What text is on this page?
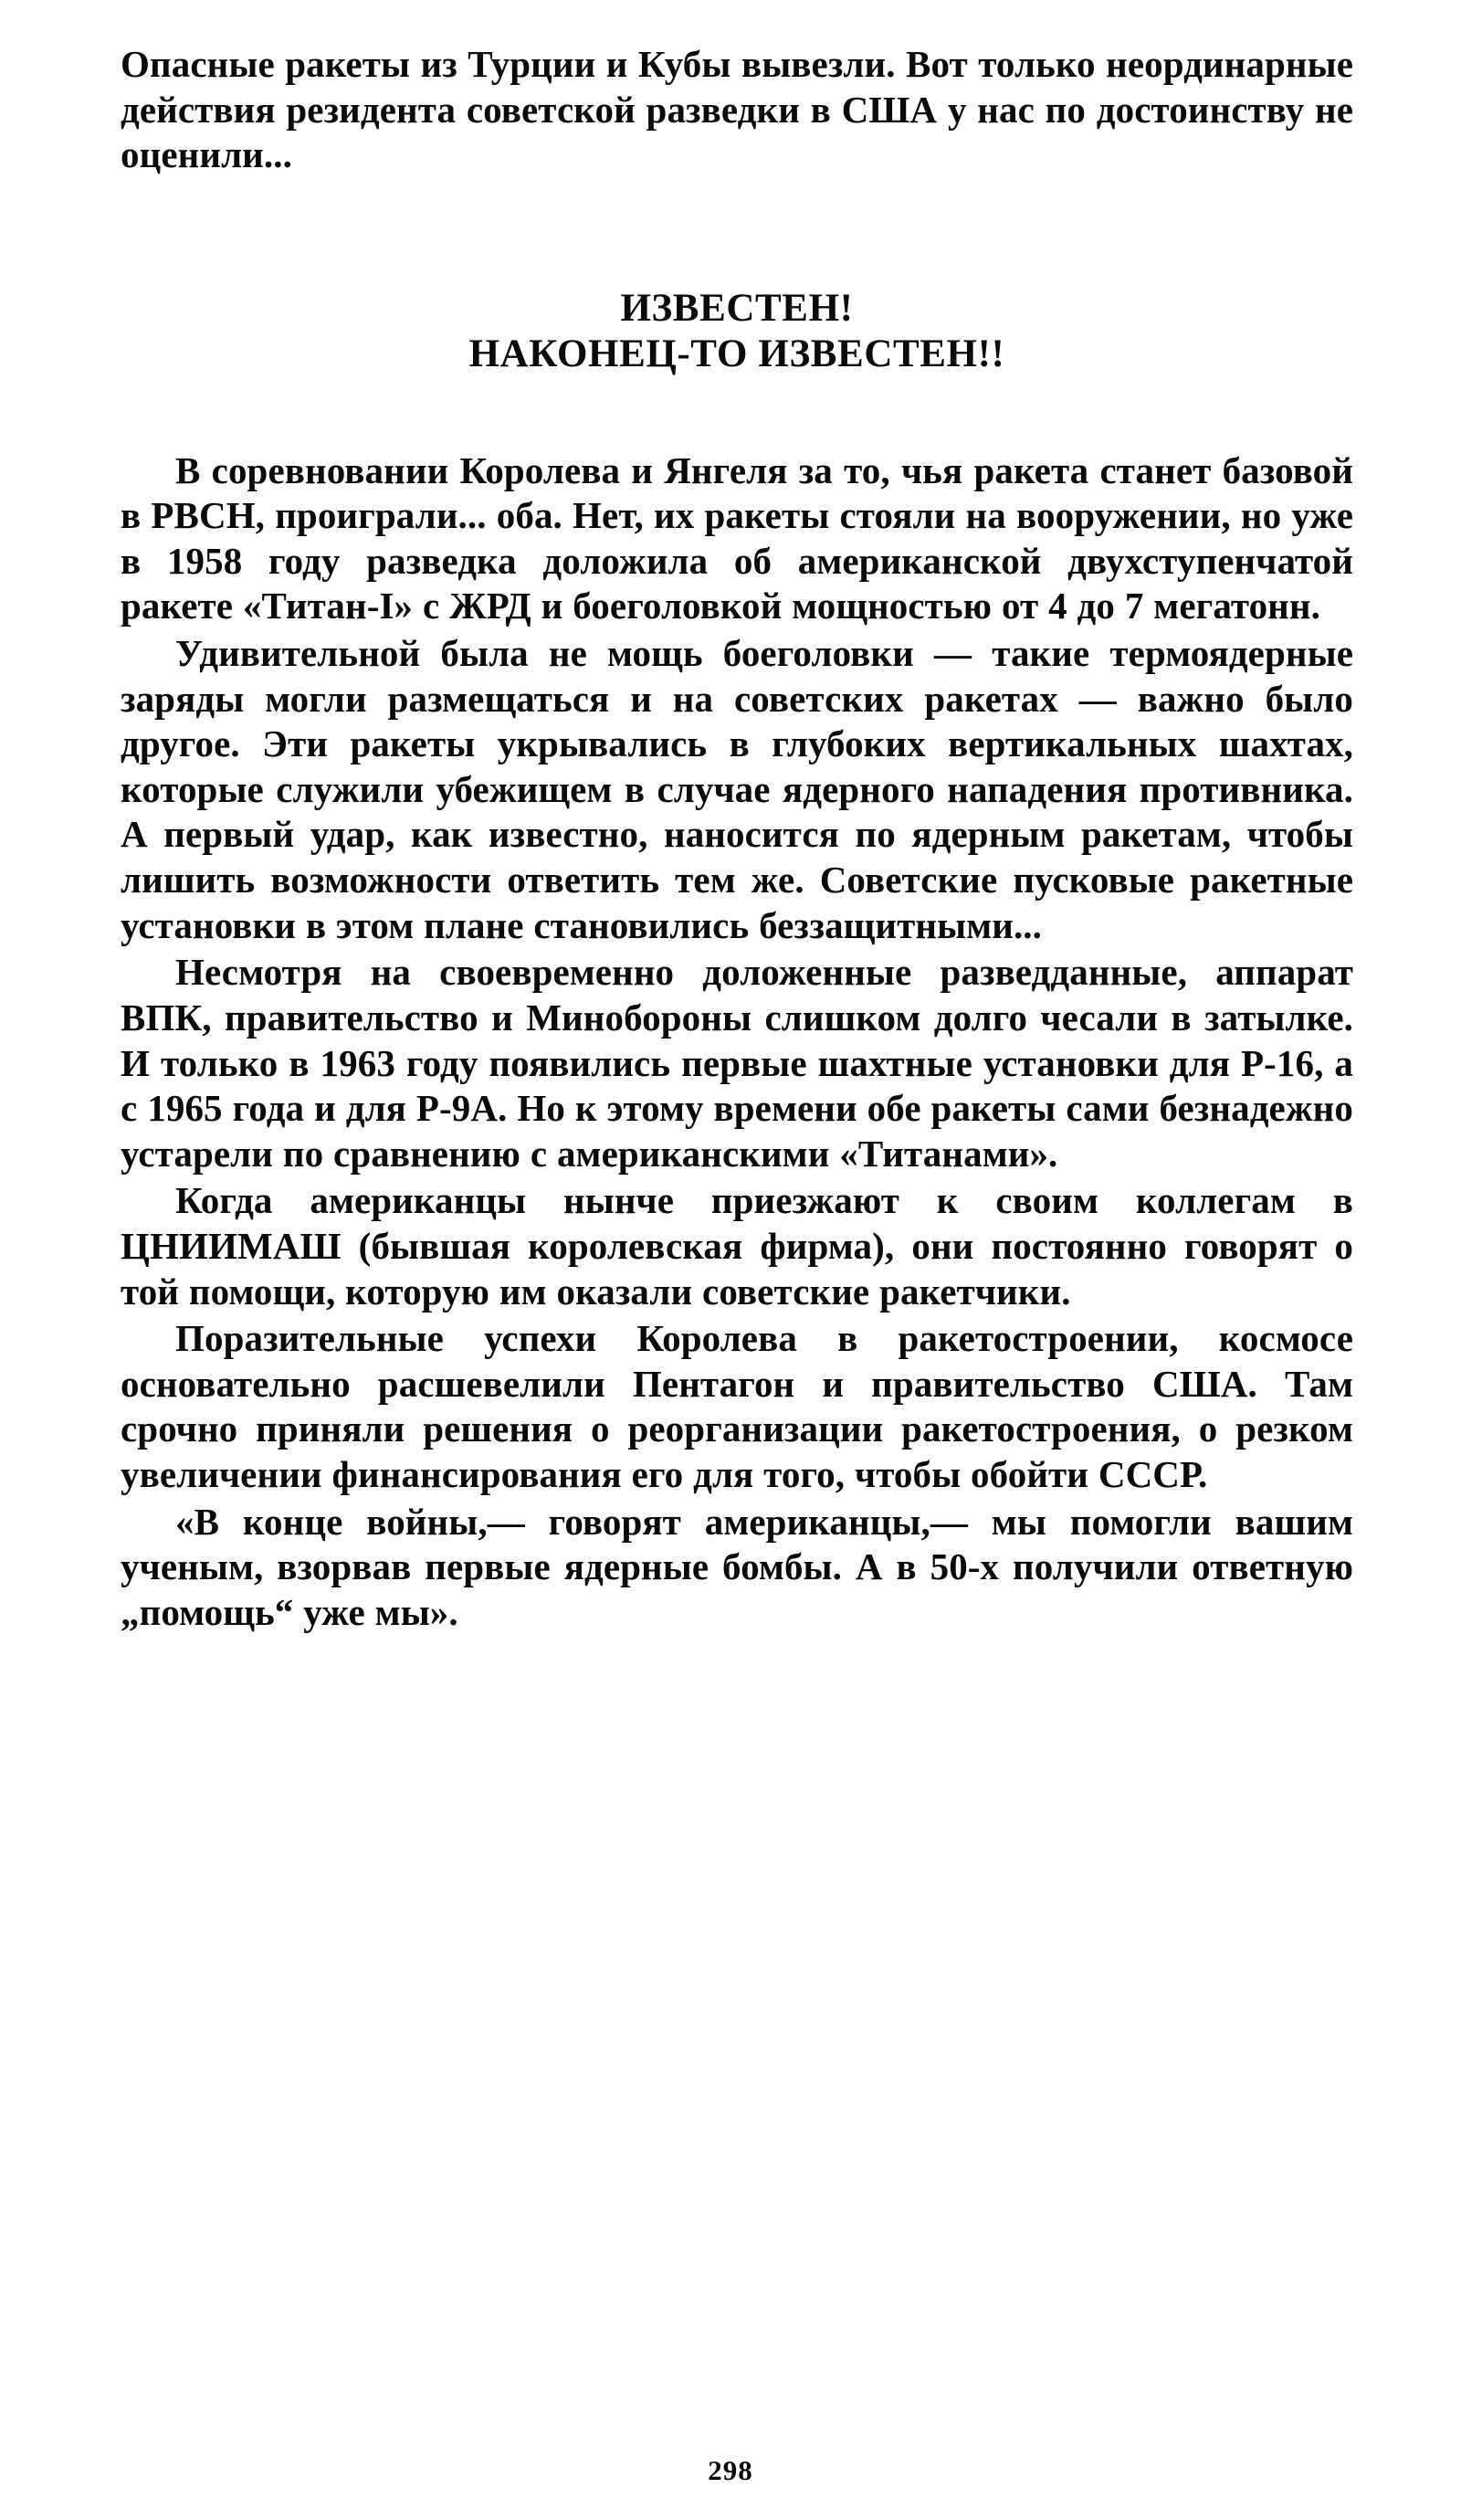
Опасные ракеты из Турции и Кубы вывезли. Вот только неординарные действия резидента советской разведки в США у нас по достоинству не оценили...

ИЗВЕСТЕН!
НАКОНЕЦ-ТО ИЗВЕСТЕН!!

В соревновании Королева и Янгеля за то, чья ракета станет базовой в РВСН, проиграли... оба. Нет, их ракеты стояли на вооружении, но уже в 1958 году разведка доложила об американской двухступенчатой ракете «Титан-I» с ЖРД и боеголовкой мощностью от 4 до 7 мегатонн.

Удивительной была не мощь боеголовки — такие термоядерные заряды могли размещаться и на советских ракетах — важно было другое. Эти ракеты укрывались в глубоких вертикальных шахтах, которые служили убежищем в случае ядерного нападения противника. А первый удар, как известно, наносится по ядерным ракетам, чтобы лишить возможности ответить тем же. Советские пусковые ракетные установки в этом плане становились беззащитными...

Несмотря на своевременно доложенные разведданные, аппарат ВПК, правительство и Минобороны слишком долго чесали в затылке. И только в 1963 году появились первые шахтные установки для Р-16, а с 1965 года и для Р-9А. Но к этому времени обе ракеты сами безнадежно устарели по сравнению с американскими «Титанами».

Когда американцы нынче приезжают к своим коллегам в ЦНИИМАШ (бывшая королевская фирма), они постоянно говорят о той помощи, которую им оказали советские ракетчики.

Поразительные успехи Королева в ракетостроении, космосе основательно расшевелили Пентагон и правительство США. Там срочно приняли решения о реорганизации ракетостроения, о резком увеличении финансирования его для того, чтобы обойти СССР.

«В конце войны,— говорят американцы,— мы помогли вашим ученым, взорвав первые ядерные бомбы. А в 50-х получили ответную „помощь“ уже мы».

298
